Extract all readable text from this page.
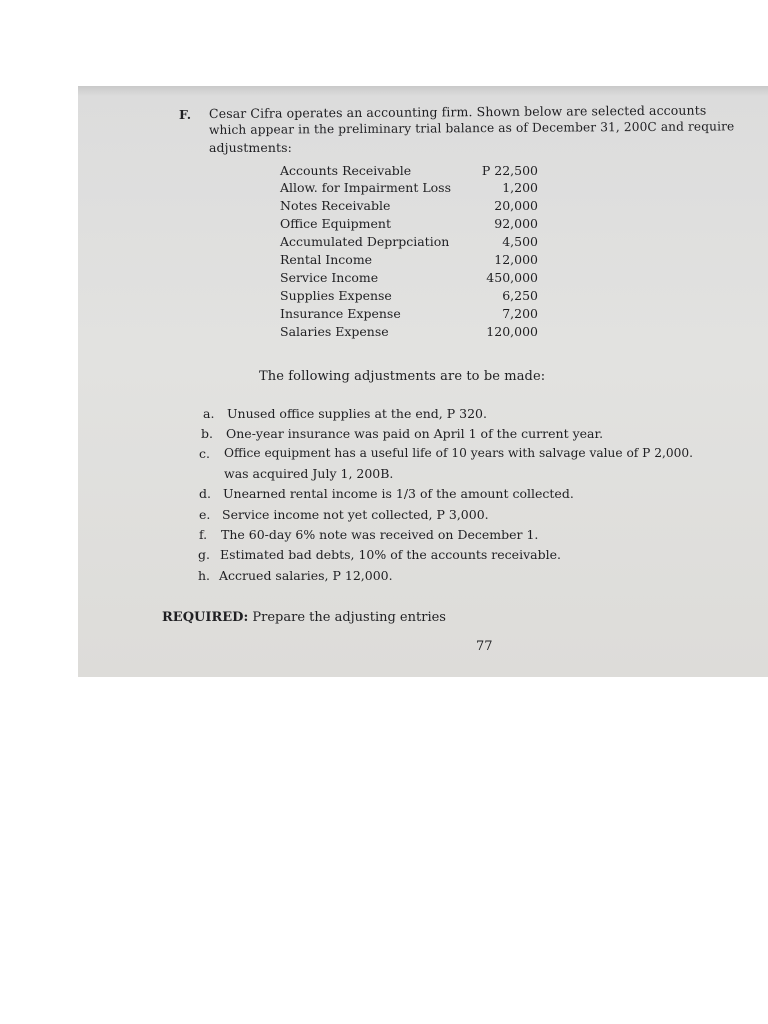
F. Cesar Cifra operates an accounting firm. Shown below are selected accounts
which appear in the preliminary trial balance as of December 31, 200C and require
adjustments:
Accounts Receivable	P 22,500
Allow. for Impairment Loss	1,200
Notes Receivable	20,000
Office Equipment	92,000
Accumulated Deprpciation	4,500
Rental Income	12,000
Service Income	450,000
Supplies Expense	6,250
Insurance Expense	7,200
Salaries Expense	120,000
The following adjustments are to be made:
a. Unused office supplies at the end, P 320.
b. One-year insurance was paid on April 1 of the current year.
c. Office equipment has a useful life of 10 years with salvage value of P 2,000.
was acquired July 1, 200B.
d. Unearned rental income is 1/3 of the amount collected.
e. Service income not yet collected, P 3,000.
f. The 60-day 6% note was received on December 1.
g. Estimated bad debts, 10% of the accounts receivable.
h. Accrued salaries, P 12,000.
REQUIRED: Prepare the adjusting entries
77
